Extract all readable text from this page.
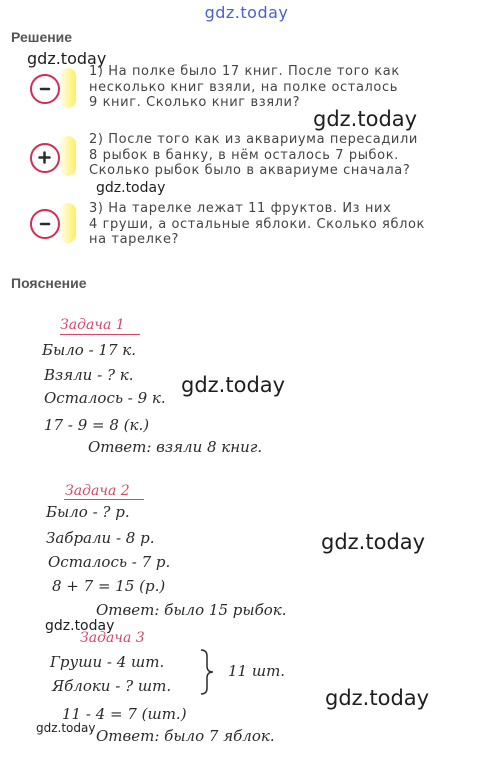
gdz.today
Решение
gdz.today
gdz.today
gdz.today
gdz.today
gdz.today
gdz.today
gdz.today
gdz.today
1) На полке было 17 книг. После того как
несколько книг взяли, на полке осталось
9 книг. Сколько книг взяли?
2) После того как из аквариума пересадили
8 рыбок в банку, в нём осталось 7 рыбок.
Сколько рыбок было в аквариуме сначала?
3) На тарелке лежат 11 фруктов. Из них
4 груши, а остальные яблоки. Сколько яблок
на тарелке?
Пояснение
Задача 1
Было - 17 к.
Взяли - ? к.
Осталось - 9 к.
17 - 9 = 8 (к.)
Ответ: взяли 8 книг.
Задача 2
Было - ? р.
Забрали - 8 р.
Осталось - 7 р.
8 + 7 = 15 (р.)
Ответ: было 15 рыбок.
Задача 3
Груши - 4 шт.
Яблоки - ? шт.
11 шт.
11 - 4 = 7 (шт.)
Ответ: было 7 яблок.
